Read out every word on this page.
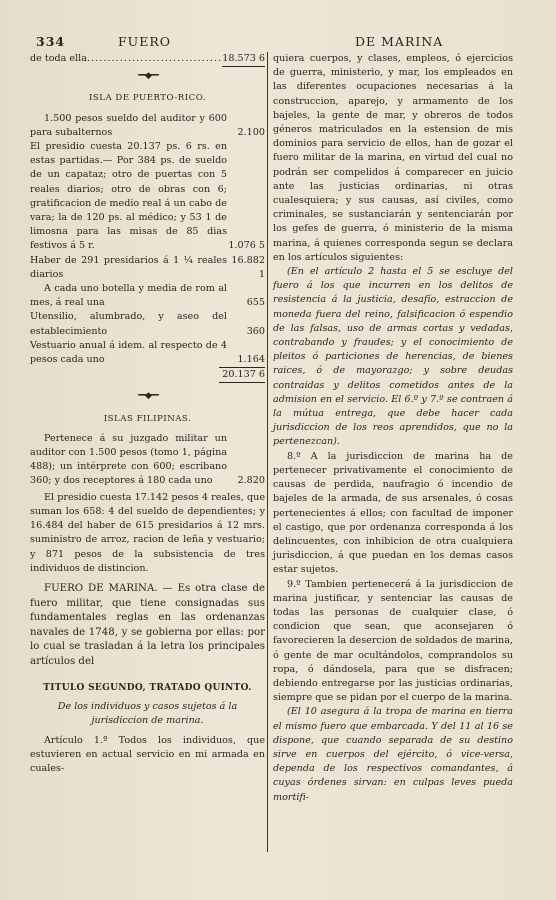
334	FUERO	DE MARINA
de toda ella
. . .	18.573 6
━━◆━━
ISLA DE PUERTO-RICO.

1.500 pesos sueldo del auditor y 600 para subalternos	2.100

El presidio cuesta 20.137 ps. 6 rs. en estas partidas.— Por 384 ps. de sueldo de un capataz; otro de puertas con 5 reales diarios; otro de obras con 6; gratificacion de medio real á un cabo de vara; la de 120 ps. al médico; y 53 1 de limosna para las misas de 85 dias festivos á 5 r.	1.076 5

Haber de 291 presidarios á 1 ¼ reales diarios

16.882 1

A cada uno botella y media de rom al mes, á real una	655

Utensilio, alumbrado, y aseo del establecimiento	360

Vestuario anual á idem. al respecto de 4 pesos cada uno	1.164
20.137 6
━━◆━━
ISLAS FILIPINAS.

Pertenece á su juzgado militar un auditor con 1.500 pesos (tomo 1, página 488); un intérprete con 600; escribano 360; y dos receptores á 180 cada uno	2.820

El presidio cuesta 17.142 pesos 4 reales, que suman los 658: 4 del sueldo de dependientes; y 16.484 del haber de 615 presidarios á 12 mrs. suministro de arroz, racion de leña y vestuario; y 871 pesos de la subsistencia de tres individuos de distincion.

FUERO DE MARINA. — Es otra clase de fuero militar, que tiene consignadas sus fundamentales reglas en las ordenanzas navales de 1748, y se gobierna por ellas: por lo cual se trasladan á la letra los principales artículos del

TITULO SEGUNDO, TRATADO QUINTO.

De los individuos y casos sujetos á la jurisdiccion de marina.

Artículo 1.º Todos los individuos, que estuvieren en actual servicio en mi armada en cuales-

quiera cuerpos, y clases, empleos, ó ejercicios de guerra, ministerio, y mar, los empleados en las diferentes ocupaciones necesarias á la construccion, aparejo, y armamento de los bajeles, la gente de mar, y obreros de todos géneros matriculados en la estension de mis dominios para servicio de ellos, han de gozar el fuero militar de la marina, en virtud del cual no podrán ser compelidos á comparecer en juicio ante las justicias ordinarias, ni otras cualesquiera; y sus causas, así civiles, como criminales, se sustanciarán y sentenciarán por los gefes de guerra, ó ministerio de la misma marina, á quienes corresponda segun se declara en los artículos siguientes:

(En el artículo 2 hasta el 5 se escluye del fuero á los que incurren en los delitos de resistencia á la justicia, desafío, estraccion de moneda fuera del reino, falsificacion ó espendio de las falsas, uso de armas cortas y vedadas, contrabando y fraudes; y el conocimiento de pleitos ó particiones de herencias, de bienes raices, ó de mayorazgo; y sobre deudas contraidas y delitos cometidos antes de la admision en el servicio. El 6.º y 7.º se contraen á la mútua entrega, que debe hacer cada jurisdiccion de los reos aprendidos, que no la pertenezcan).

8.º A la jurisdiccion de marina ha de pertenecer privativamente el conocimiento de causas de perdida, naufragio ó incendio de bajeles de la armada, de sus arsenales, ó cosas pertenecientes á ellos; con facultad de imponer el castigo, que por ordenanza corresponda á los delincuentes, con inhibicion de otra cualquiera jurisdiccion, á que puedan en los demas casos estar sujetos.

9.º Tambien pertenecerá á la jurisdiccion de marina justificar, y sentenciar las causas de todas las personas de cualquier clase, ó condicion que sean, que aconsejaren ó favorecieren la desercion de soldados de marina, ó gente de mar ocultándolos, comprandolos su ropa, ó dándosela, para que se disfracen; debiendo entregarse por las justicias ordinarias, siempre que se pidan por el cuerpo de la marina.

(El 10 asegura á la tropa de marina en tierra el mismo fuero que embarcada. Y del 11 al 16 se dispone, que cuando separada de su destino sirve en cuerpos del ejército, ó vice-versa, dependa de los respectivos comandantes, á cuyas órdenes sirvan: en culpas leves pueda mortifi-
